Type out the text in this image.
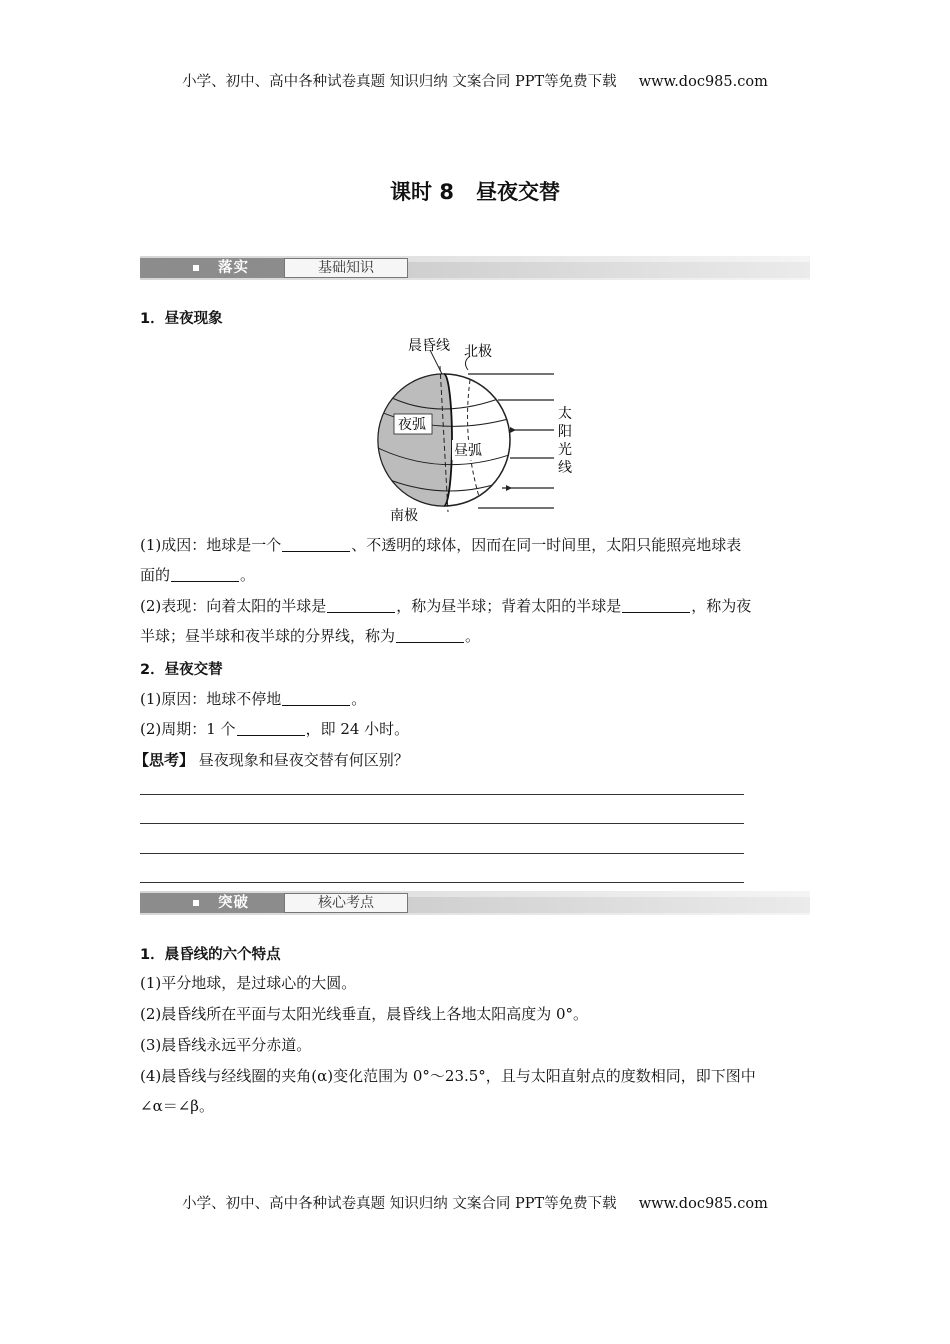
小学、初中、高中各种试卷真题 知识归纳 文案合同 PPT等免费下载 www.doc985.com
课时 8 昼夜交替
落实	基础知识
1．昼夜现象
夜弧
昼弧
晨昏线 北极
南极
太
阳
光
线
(1)成因：地球是一个	、不透明的球体，因而在同一时间里，太阳只能照亮地球表
面的	。
(2)表现：向着太阳的半球是	，称为昼半球；背着太阳的半球是	，称为夜
半球；昼半球和夜半球的分界线，称为	。
2．昼夜交替
(1)原因：地球不停地	。
(2)周期：1 个	，即 24 小时。
【思考】 昼夜现象和昼夜交替有何区别？
突破	核心考点
1．晨昏线的六个特点
(1)平分地球，是过球心的大圆。
(2)晨昏线所在平面与太阳光线垂直，晨昏线上各地太阳高度为 0°。
(3)晨昏线永远平分赤道。
(4)晨昏线与经线圈的夹角(α)变化范围为 0°～23.5°，且与太阳直射点的度数相同，即下图中
∠α＝∠β。
小学、初中、高中各种试卷真题 知识归纳 文案合同 PPT等免费下载 www.doc985.com
